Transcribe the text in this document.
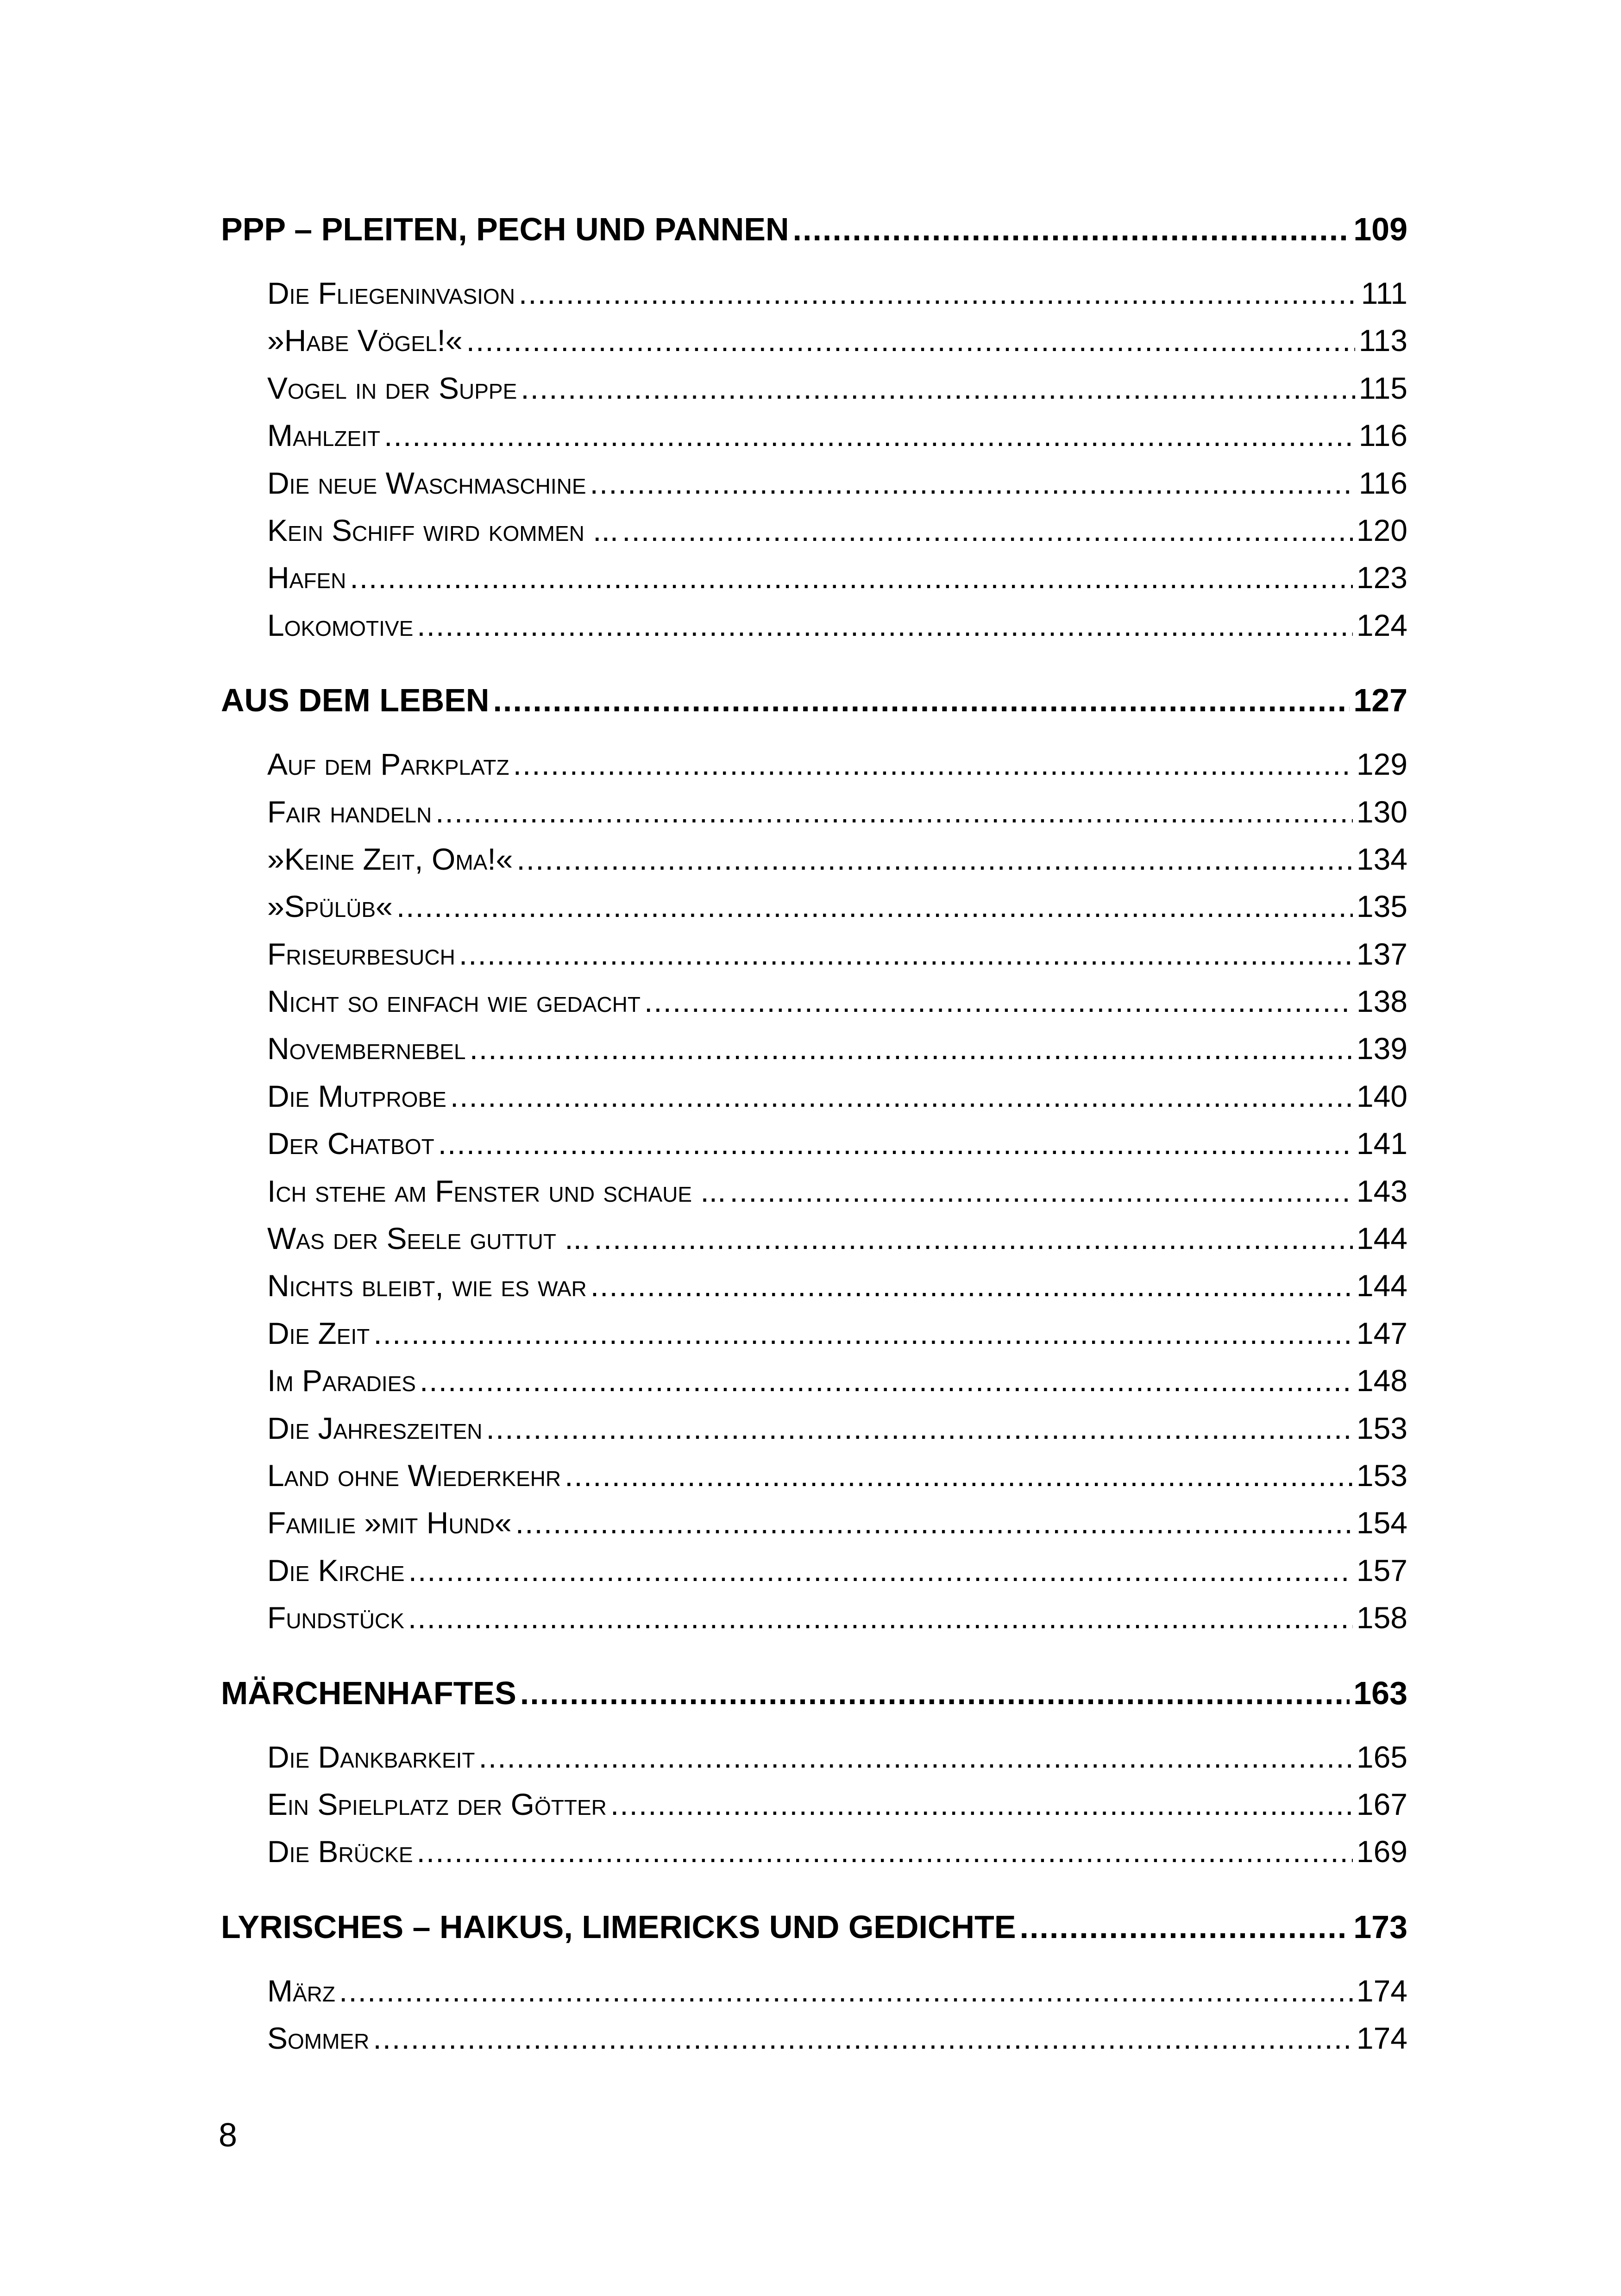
PPP – PLEITEN, PECH UND PANNEN .....	109
Die Fliegeninvasion .....	111
»Habe Vögel!« .....	113
Vogel in der Suppe .....	115
Mahlzeit .....	116
Die neue Waschmaschine .....	116
Kein Schiff wird kommen ... .....	120
Hafen .....	123
Lokomotive .....	124
AUS DEM LEBEN .....	127
Auf dem Parkplatz .....	129
Fair handeln .....	130
»Keine Zeit, Oma!« .....	134
»Spülüb« .....	135
Friseurbesuch .....	137
Nicht so einfach wie gedacht .....	138
Novembernebel .....	139
Die Mutprobe .....	140
Der Chatbot .....	141
Ich stehe am Fenster und schaue ... .....	143
Was der Seele guttut ... .....	144
Nichts bleibt, wie es war .....	144
Die Zeit .....	147
Im Paradies .....	148
Die Jahreszeiten .....	153
Land ohne Wiederkehr .....	153
Familie »mit Hund« .....	154
Die Kirche .....	157
Fundstück .....	158
MÄRCHENHAFTES .....	163
Die Dankbarkeit .....	165
Ein Spielplatz der Götter .....	167
Die Brücke .....	169
LYRISCHES – HAIKUS, LIMERICKS UND GEDICHTE .....	173
März .....	174
Sommer .....	174
8
